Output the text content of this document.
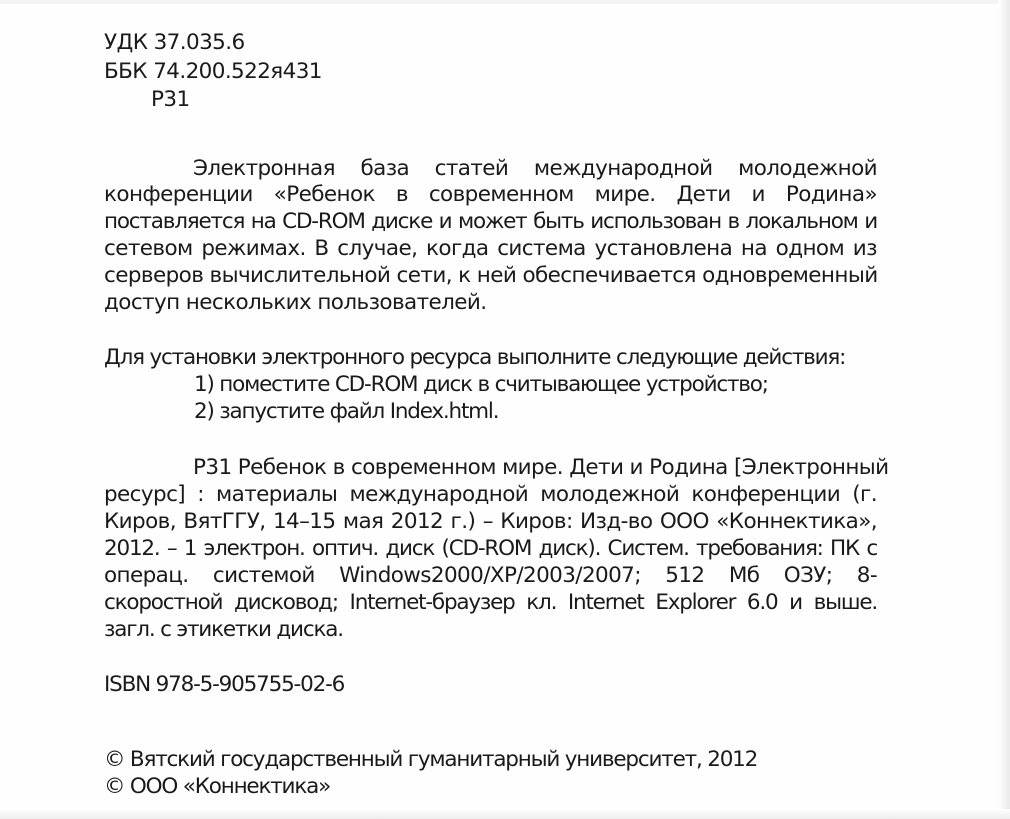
УДК 37.035.6
ББК 74.200.522я431
Р31
Электронная база статей международной молодежной
конференции «Ребенок в современном мире. Дети и Родина»
поставляется на CD-ROM диске и может быть использован в локальном и
сетевом режимах. В случае, когда система установлена на одном из
серверов вычислительной сети, к ней обеспечивается одновременный
доступ нескольких пользователей.
Для установки электронного ресурса выполните следующие действия:
1) поместите CD-ROM диск в считывающее устройство;
2) запустите файл Index.html.
Р31 Ребенок в современном мире. Дети и Родина [Электронный
ресурс] : материалы международной молодежной конференции (г.
Киров, ВятГГУ, 14–15 мая 2012 г.) – Киров: Изд-во ООО «Коннектика»,
2012. – 1 электрон. оптич. диск (CD-ROM диск). Систем. требования: ПК с
операц. системой Windows2000/XP/2003/2007; 512 Мб ОЗУ; 8-
скоростной дисковод; Internet-браузер кл. Internet Explorer 6.0 и выше.
загл. с этикетки диска.
ISBN 978-5-905755-02-6
© Вятский государственный гуманитарный университет, 2012
© ООО «Коннектика»
